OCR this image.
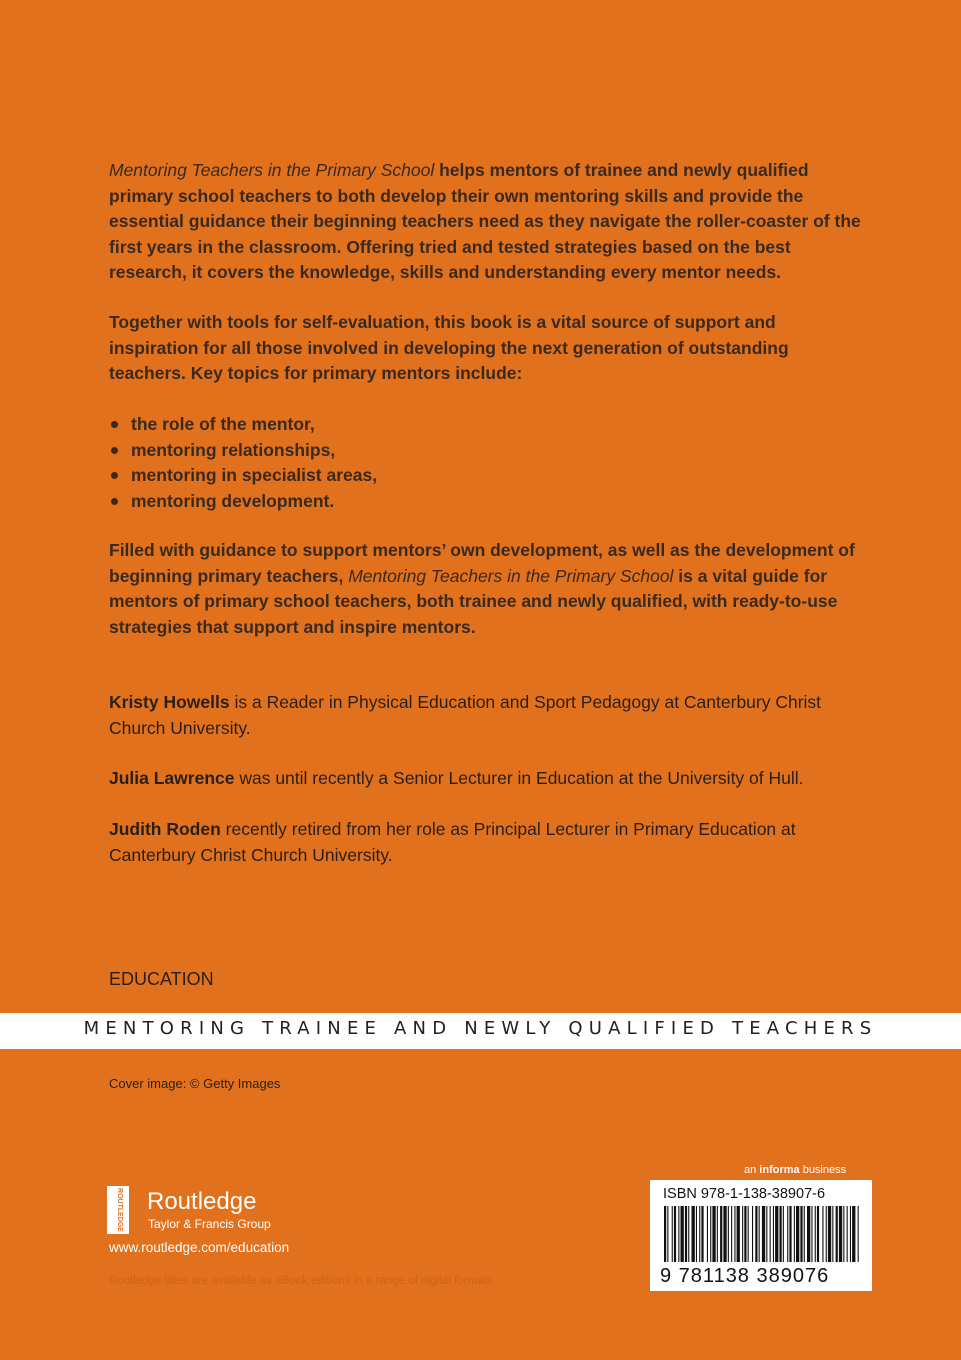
Mentoring Teachers in the Primary School helps mentors of trainee and newly qualified primary school teachers to both develop their own mentoring skills and provide the essential guidance their beginning teachers need as they navigate the roller-coaster of the first years in the classroom. Offering tried and tested strategies based on the best research, it covers the knowledge, skills and understanding every mentor needs.
Together with tools for self-evaluation, this book is a vital source of support and inspiration for all those involved in developing the next generation of outstanding teachers. Key topics for primary mentors include:
the role of the mentor,
mentoring relationships,
mentoring in specialist areas,
mentoring development.
Filled with guidance to support mentors’ own development, as well as the development of beginning primary teachers, Mentoring Teachers in the Primary School is a vital guide for mentors of primary school teachers, both trainee and newly qualified, with ready-to-use strategies that support and inspire mentors.
Kristy Howells is a Reader in Physical Education and Sport Pedagogy at Canterbury Christ Church University.
Julia Lawrence was until recently a Senior Lecturer in Education at the University of Hull.
Judith Roden recently retired from her role as Principal Lecturer in Primary Education at Canterbury Christ Church University.
EDUCATION
MENTORING TRAINEE AND NEWLY QUALIFIED TEACHERS
Cover image: © Getty Images
ROUTLEDGE Routledge
Taylor & Francis Group
www.routledge.com/education
Routledge titles are available as eBook editions in a range of digital formats
an informa business
ISBN 978-1-138-38907-6
9 781138 389076
